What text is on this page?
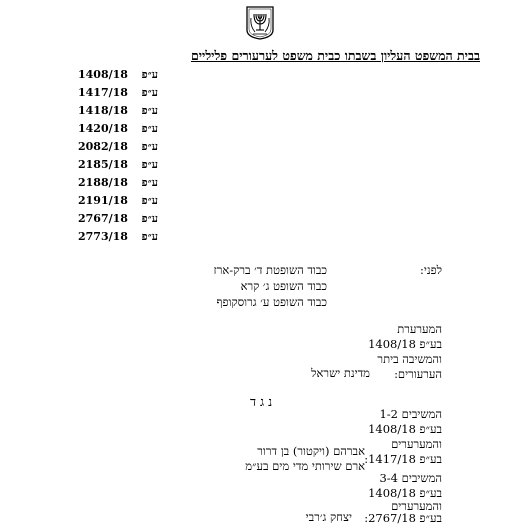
בבית המשפט העליון בשבתו כבית משפט לערעורים פליליים
1408/18 ע״פ
1417/18 ע״פ
1418/18 ע״פ
1420/18 ע״פ
2082/18 ע״פ
2185/18 ע״פ
2188/18 ע״פ
2191/18 ע״פ
2767/18 ע״פ
2773/18 ע״פ
לפני:
כבוד השופטת ד׳ ברק-ארז
כבוד השופט ג׳ קרא
כבוד השופט ע׳ גרוסקופף
המערערת
בע״פ 1408/18
והמשיבה ביתר
הערעורים:
מדינת ישראל
נ ג ד
המשיבים 1-2
בע״פ 1408/18
והמערערים
בע״פ 1417/18:
אברהם (ויקטור) בן דרור
ארם שירותי מדי מים בע״מ
המשיבים 3-4
בע״פ 1408/18
והמערערים
בע״פ 2767/18:
יצחק ג׳רבי
